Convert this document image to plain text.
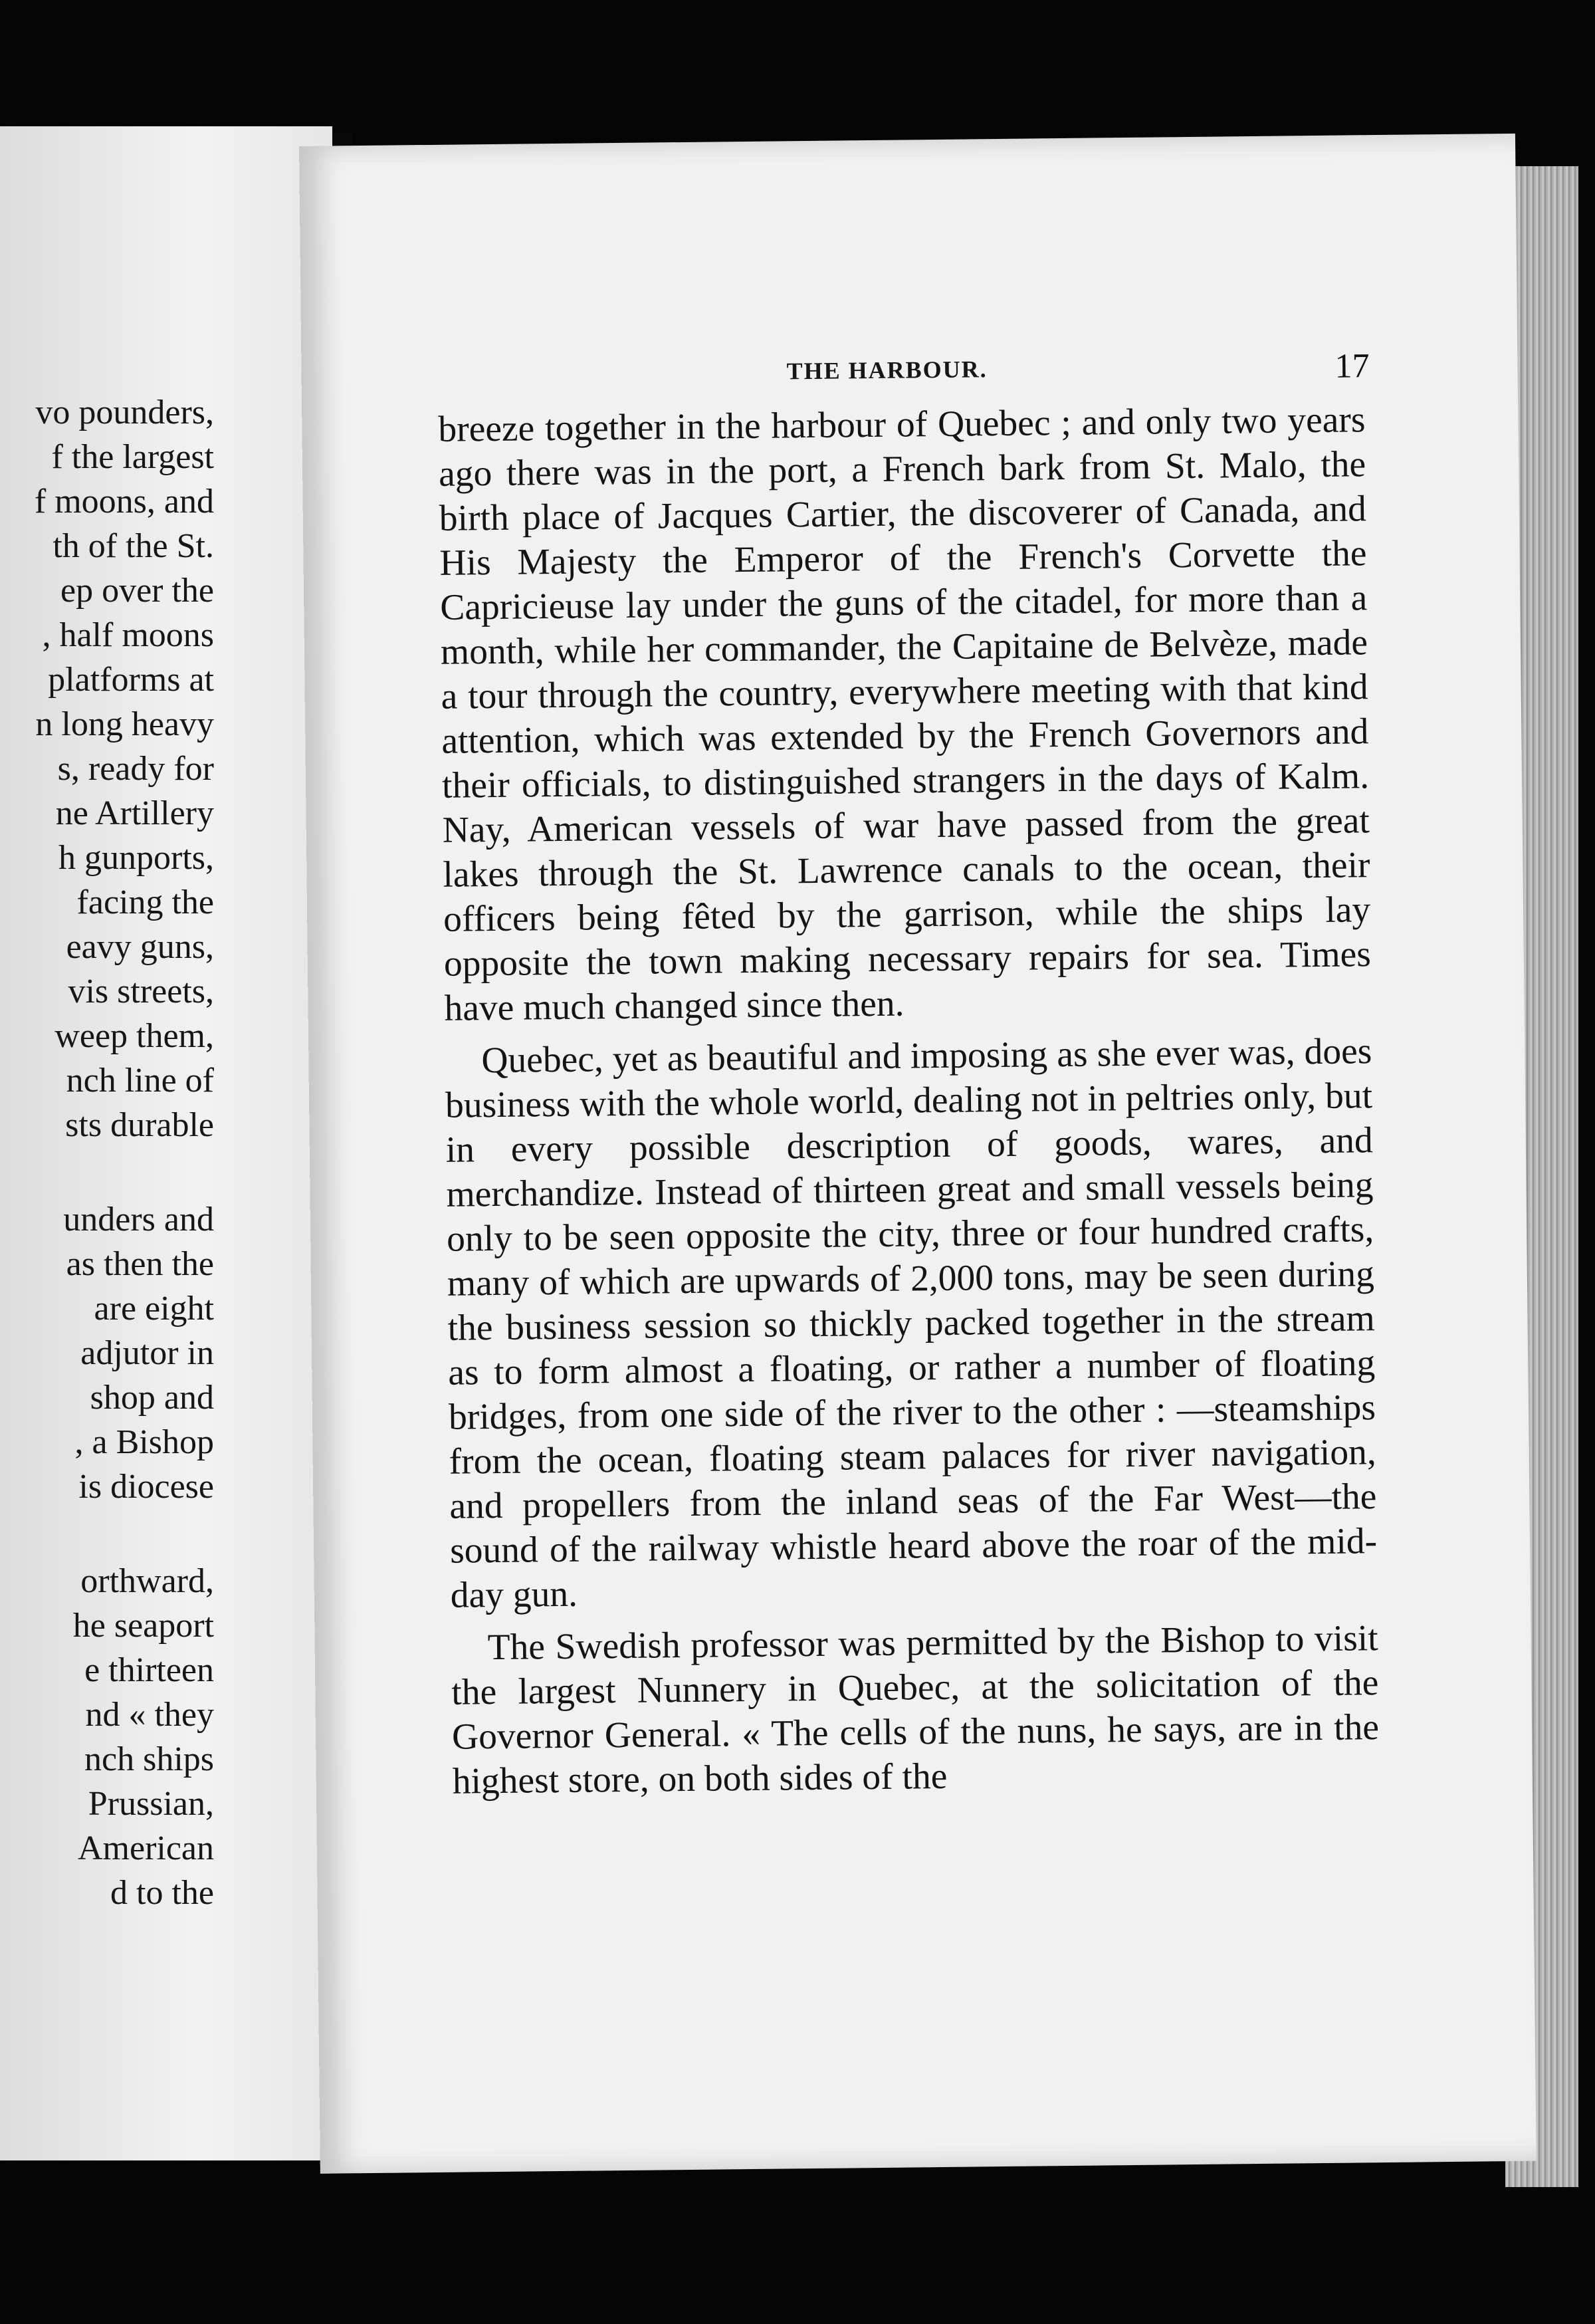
vo pounders,
f the largest
f moons, and
th of the St.
ep over the
, half moons
platforms at
n long heavy
s, ready for
ne Artillery
h gunports,
facing the
eavy guns,
vis streets,
weep them,
nch line of
sts durable
unders and
as then the
are eight
adjutor in
shop and
, a Bishop
is diocese
orthward,
he seaport
e thirteen
nd « they
nch ships
Prussian,
American
d to the
THE HARBOUR.	17

breeze together in the harbour of Quebec ; and only two years ago there was in the port, a French bark from St. Malo, the birth place of Jacques Cartier, the discoverer of Canada, and His Majesty the Emperor of the French's Corvette the Capricieuse lay under the guns of the citadel, for more than a month, while her commander, the Capitaine de Belvèze, made a tour through the country, everywhere meeting with that kind attention, which was extended by the French Governors and their officials, to distinguished strangers in the days of Kalm. Nay, American vessels of war have passed from the great lakes through the St. Lawrence canals to the ocean, their officers being fêted by the garrison, while the ships lay opposite the town making necessary repairs for sea. Times have much changed since then.

Quebec, yet as beautiful and imposing as she ever was, does business with the whole world, dealing not in peltries only, but in every possible description of goods, wares, and merchandize. Instead of thirteen great and small vessels being only to be seen opposite the city, three or four hundred crafts, many of which are upwards of 2,000 tons, may be seen during the business session so thickly packed together in the stream as to form almost a floating, or rather a number of floating bridges, from one side of the river to the other : —steamships from the ocean, floating steam palaces for river navigation, and propellers from the inland seas of the Far West—the sound of the railway whistle heard above the roar of the mid-day gun.

The Swedish professor was permitted by the Bishop to visit the largest Nunnery in Quebec, at the solicitation of the Governor General. « The cells of the nuns, he says, are in the highest store, on both sides of the
